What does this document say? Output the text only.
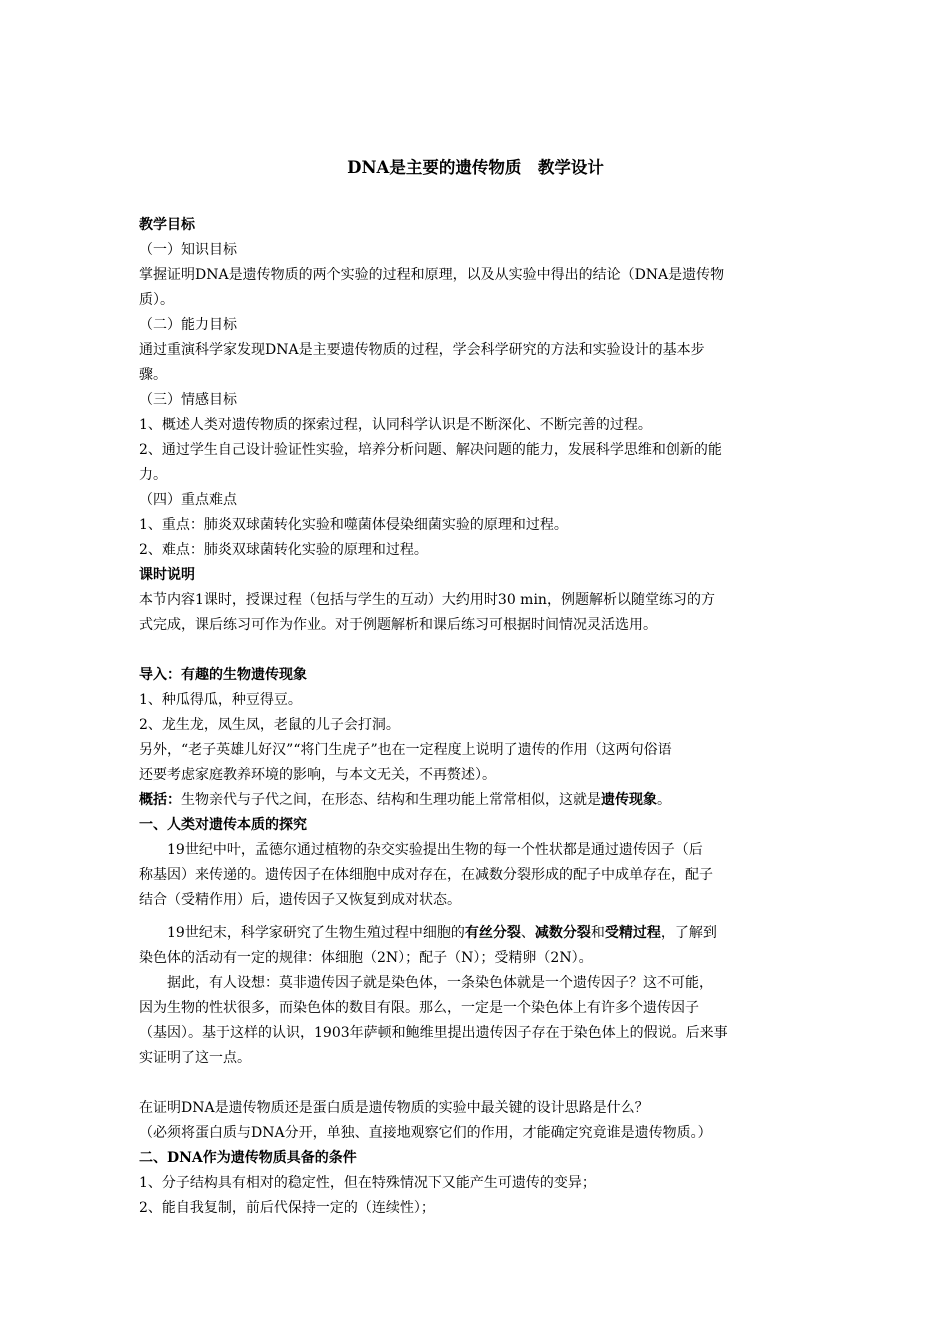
DNA是主要的遗传物质　教学设计
教学目标
（一）知识目标
掌握证明DNA是遗传物质的两个实验的过程和原理，以及从实验中得出的结论（DNA是遗传物
质）。
（二）能力目标
通过重演科学家发现DNA是主要遗传物质的过程，学会科学研究的方法和实验设计的基本步
骤。
（三）情感目标
1、概述人类对遗传物质的探索过程，认同科学认识是不断深化、不断完善的过程。
2、通过学生自己设计验证性实验，培养分析问题、解决问题的能力，发展科学思维和创新的能
力。
（四）重点难点
1、重点：肺炎双球菌转化实验和噬菌体侵染细菌实验的原理和过程。
2、难点：肺炎双球菌转化实验的原理和过程。
课时说明
本节内容1课时，授课过程（包括与学生的互动）大约用时30 min，例题解析以随堂练习的方
式完成，课后练习可作为作业。对于例题解析和课后练习可根据时间情况灵活选用。
导入：有趣的生物遗传现象
1、种瓜得瓜，种豆得豆。
2、龙生龙，凤生凤，老鼠的儿子会打洞。
另外，“老子英雄儿好汉”“将门生虎子”也在一定程度上说明了遗传的作用（这两句俗语
还要考虑家庭教养环境的影响，与本文无关，不再赘述）。
概括：生物亲代与子代之间，在形态、结构和生理功能上常常相似，这就是遗传现象。
一、人类对遗传本质的探究
19世纪中叶，孟德尔通过植物的杂交实验提出生物的每一个性状都是通过遗传因子（后
称基因）来传递的。遗传因子在体细胞中成对存在，在减数分裂形成的配子中成单存在，配子
结合（受精作用）后，遗传因子又恢复到成对状态。
19世纪末，科学家研究了生物生殖过程中细胞的有丝分裂、减数分裂和受精过程，了解到
染色体的活动有一定的规律：体细胞（2N）；配子（N）；受精卵（2N）。
据此，有人设想：莫非遗传因子就是染色体，一条染色体就是一个遗传因子？这不可能，
因为生物的性状很多，而染色体的数目有限。那么，一定是一个染色体上有许多个遗传因子
（基因）。基于这样的认识，1903年萨顿和鲍维里提出遗传因子存在于染色体上的假说。后来事
实证明了这一点。
在证明DNA是遗传物质还是蛋白质是遗传物质的实验中最关键的设计思路是什么？
（必须将蛋白质与DNA分开，单独、直接地观察它们的作用，才能确定究竟谁是遗传物质。）
二、DNA作为遗传物质具备的条件
1、分子结构具有相对的稳定性，但在特殊情况下又能产生可遗传的变异；
2、能自我复制，前后代保持一定的（连续性）；
